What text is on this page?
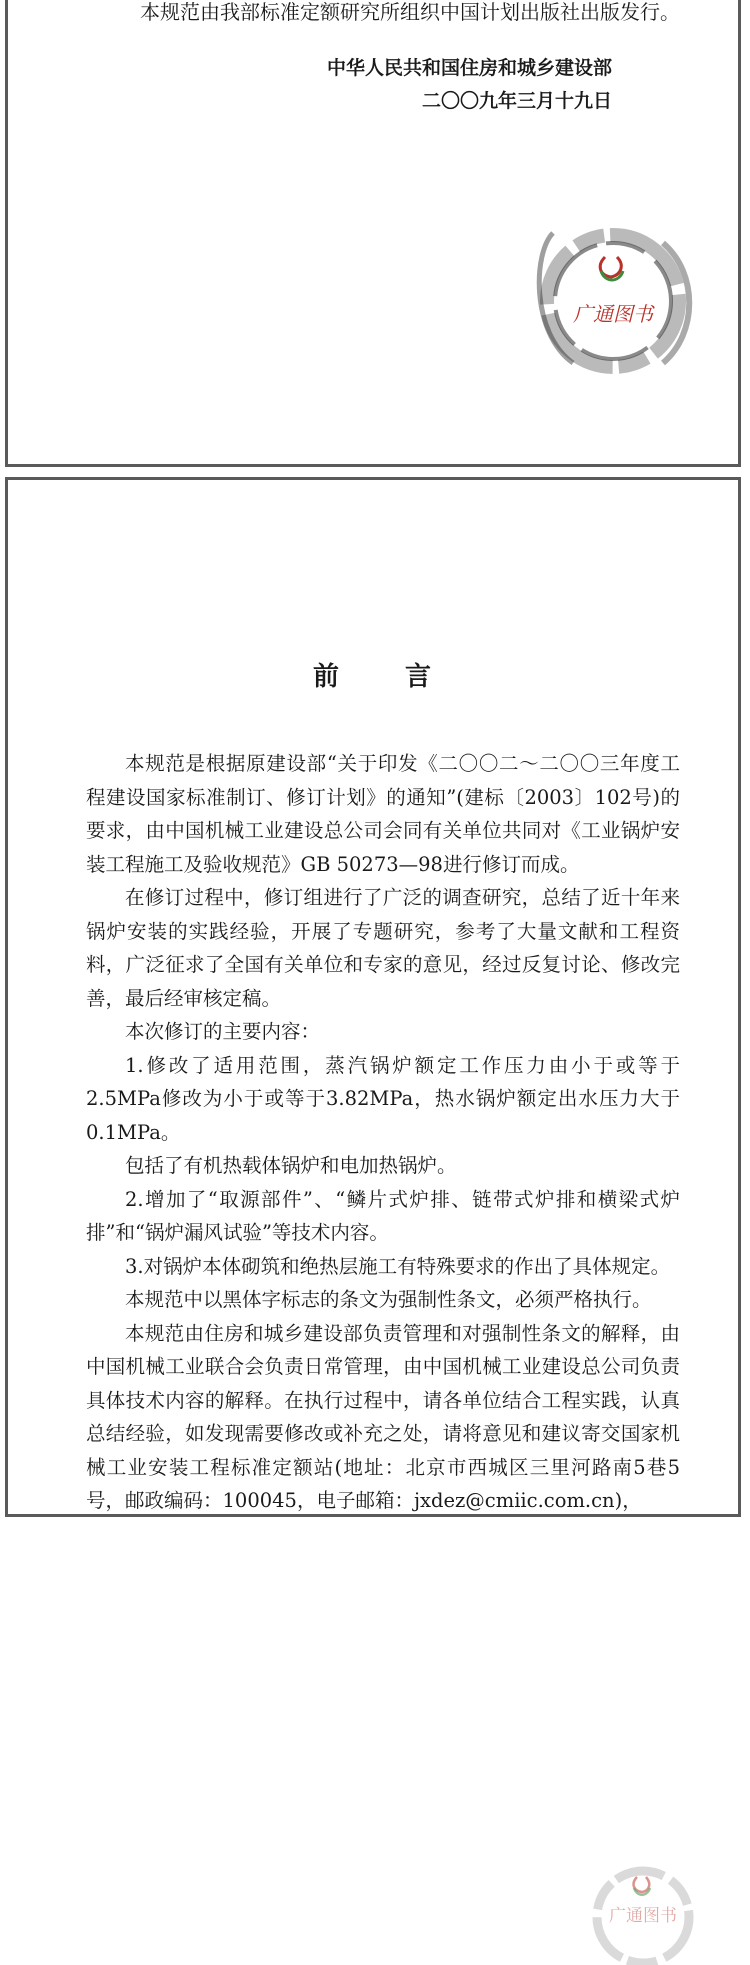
本规范由我部标准定额研究所组织中国计划出版社出版发行。
中华人民共和国住房和城乡建设部
二〇〇九年三月十九日
广通图书
前 言

本规范是根据原建设部“关于印发《二〇〇二～二〇〇三年度工程建设国家标准制订、修订计划》的通知”(建标〔2003〕102号)的要求，由中国机械工业建设总公司会同有关单位共同对《工业锅炉安装工程施工及验收规范》GB 50273—98进行修订而成。

在修订过程中，修订组进行了广泛的调查研究，总结了近十年来锅炉安装的实践经验，开展了专题研究，参考了大量文献和工程资料，广泛征求了全国有关单位和专家的意见，经过反复讨论、修改完善，最后经审核定稿。

本次修订的主要内容：

1.修改了适用范围，蒸汽锅炉额定工作压力由小于或等于2.5MPa修改为小于或等于3.82MPa，热水锅炉额定出水压力大于0.1MPa。

包括了有机热载体锅炉和电加热锅炉。

2.增加了“取源部件”、“鳞片式炉排、链带式炉排和横梁式炉排”和“锅炉漏风试验”等技术内容。

3.对锅炉本体砌筑和绝热层施工有特殊要求的作出了具体规定。

本规范中以黑体字标志的条文为强制性条文，必须严格执行。

本规范由住房和城乡建设部负责管理和对强制性条文的解释，由中国机械工业联合会负责日常管理，由中国机械工业建设总公司负责具体技术内容的解释。在执行过程中，请各单位结合工程实践，认真总结经验，如发现需要修改或补充之处，请将意见和建议寄交国家机械工业安装工程标准定额站(地址：北京市西城区三里河路南5巷5号，邮政编码：100045，电子邮箱：jxdez@cmiic.com.cn)，

广通图书
